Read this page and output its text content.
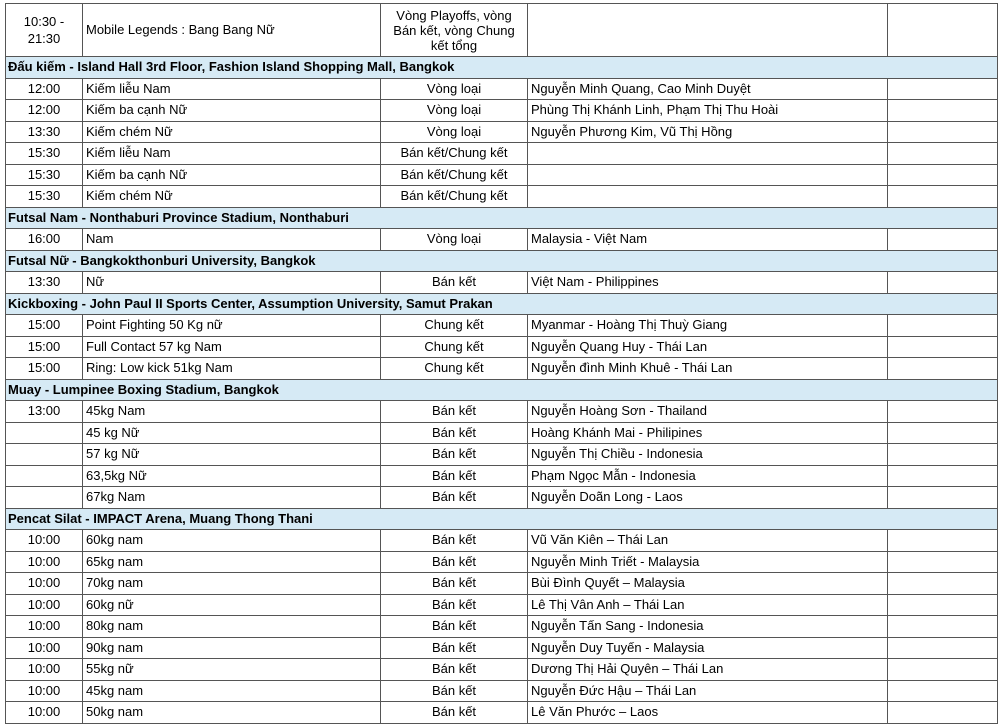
10:30 - 21:30	Mobile Legends : Bang Bang Nữ	Vòng Playoffs, vòng Bán kết, vòng Chung kết tổng		
Đấu kiếm - Island Hall 3rd Floor, Fashion Island Shopping Mall, Bangkok				
12:00	Kiếm liễu Nam	Vòng loại	Nguyễn Minh Quang, Cao Minh Duyệt	
12:00	Kiếm ba cạnh Nữ	Vòng loại	Phùng Thị Khánh Linh, Phạm Thị Thu Hoài	
13:30	Kiếm chém Nữ	Vòng loại	Nguyễn Phương Kim, Vũ Thị Hồng	
15:30	Kiếm liễu Nam	Bán kết/Chung kết		
15:30	Kiếm ba cạnh Nữ	Bán kết/Chung kết		
15:30	Kiếm chém Nữ	Bán kết/Chung kết		
Futsal Nam - Nonthaburi Province Stadium, Nonthaburi				
16:00	Nam	Vòng loại	Malaysia - Việt Nam	
Futsal Nữ - Bangkokthonburi University, Bangkok				
13:30	Nữ	Bán kết	Việt Nam - Philippines	
Kickboxing - John Paul II Sports Center, Assumption University, Samut Prakan				
15:00	Point Fighting 50 Kg nữ	Chung kết	Myanmar - Hoàng Thị Thuỳ Giang	
15:00	Full Contact 57 kg Nam	Chung kết	Nguyễn Quang Huy - Thái Lan	
15:00	Ring: Low kick 51kg Nam	Chung kết	Nguyễn đình Minh Khuê - Thái Lan	
Muay - Lumpinee Boxing Stadium, Bangkok				
13:00	45kg Nam	Bán kết	Nguyễn Hoàng Sơn - Thailand	
	45 kg Nữ	Bán kết	Hoàng Khánh Mai - Philipines	
	57 kg Nữ	Bán kết	Nguyễn Thị Chiều - Indonesia	
	63,5kg Nữ	Bán kết	Phạm Ngọc Mẫn - Indonesia	
	67kg Nam	Bán kết	Nguyễn Doãn Long - Laos	
Pencat Silat - IMPACT Arena, Muang Thong Thani				
10:00	60kg nam	Bán kết	Vũ Văn Kiên – Thái Lan	
10:00	65kg nam	Bán kết	Nguyễn Minh Triết - Malaysia	
10:00	70kg nam	Bán kết	Bùi Đình Quyết – Malaysia	
10:00	60kg nữ	Bán kết	Lê Thị Vân Anh – Thái Lan	
10:00	80kg nam	Bán kết	Nguyễn Tấn Sang - Indonesia	
10:00	90kg nam	Bán kết	Nguyễn Duy Tuyến - Malaysia	
10:00	55kg nữ	Bán kết	Dương Thị Hải Quyên – Thái Lan	
10:00	45kg nam	Bán kết	Nguyễn Đức Hậu – Thái Lan	
10:00	50kg nam	Bán kết	Lê Văn Phước – Laos	
